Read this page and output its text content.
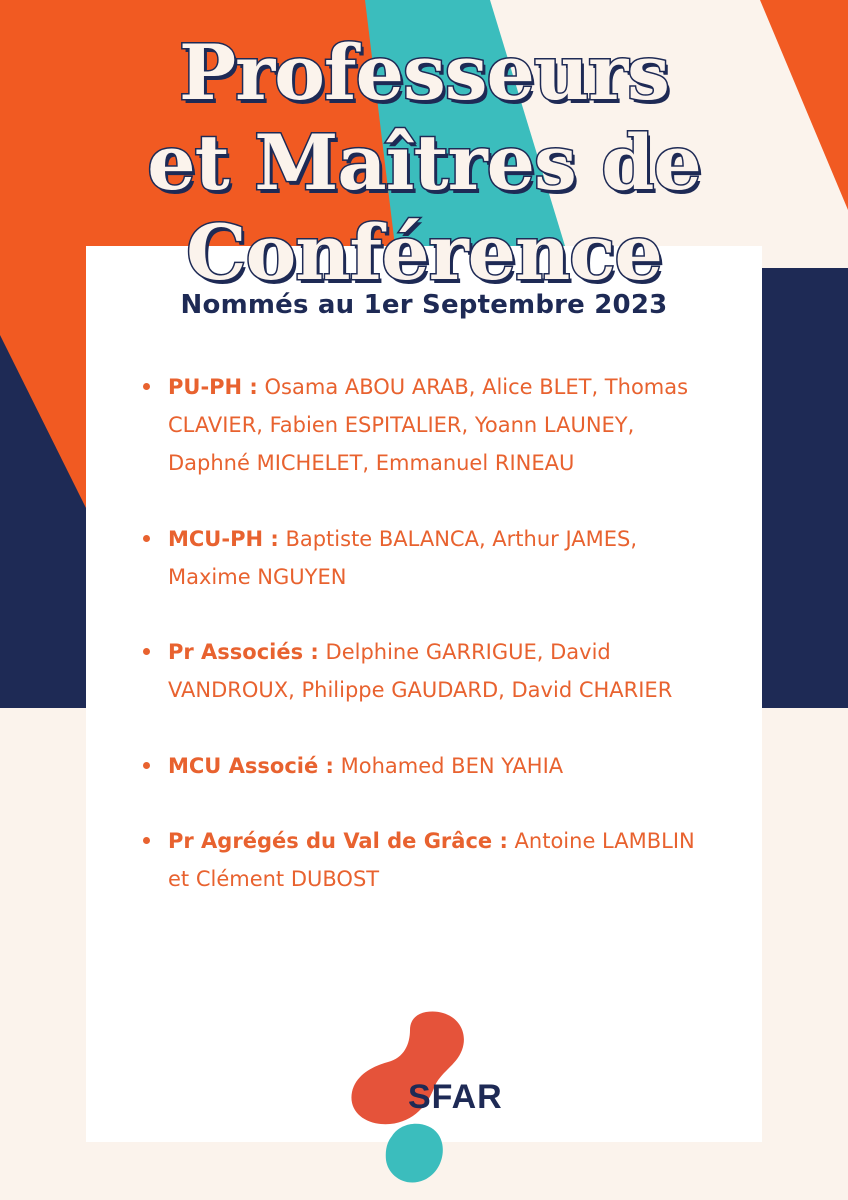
Professeurs
et Maîtres de
Conférence
Nommés au 1er Septembre 2023
PU-PH : Osama ABOU ARAB, Alice BLET, Thomas CLAVIER, Fabien ESPITALIER, Yoann LAUNEY, Daphné MICHELET, Emmanuel RINEAU
MCU-PH : Baptiste BALANCA, Arthur JAMES, Maxime NGUYEN
Pr Associés : Delphine GARRIGUE, David VANDROUX, Philippe GAUDARD, David CHARIER
MCU Associé : Mohamed BEN YAHIA
Pr Agrégés du Val de Grâce : Antoine LAMBLIN et Clément DUBOST
SFAR
